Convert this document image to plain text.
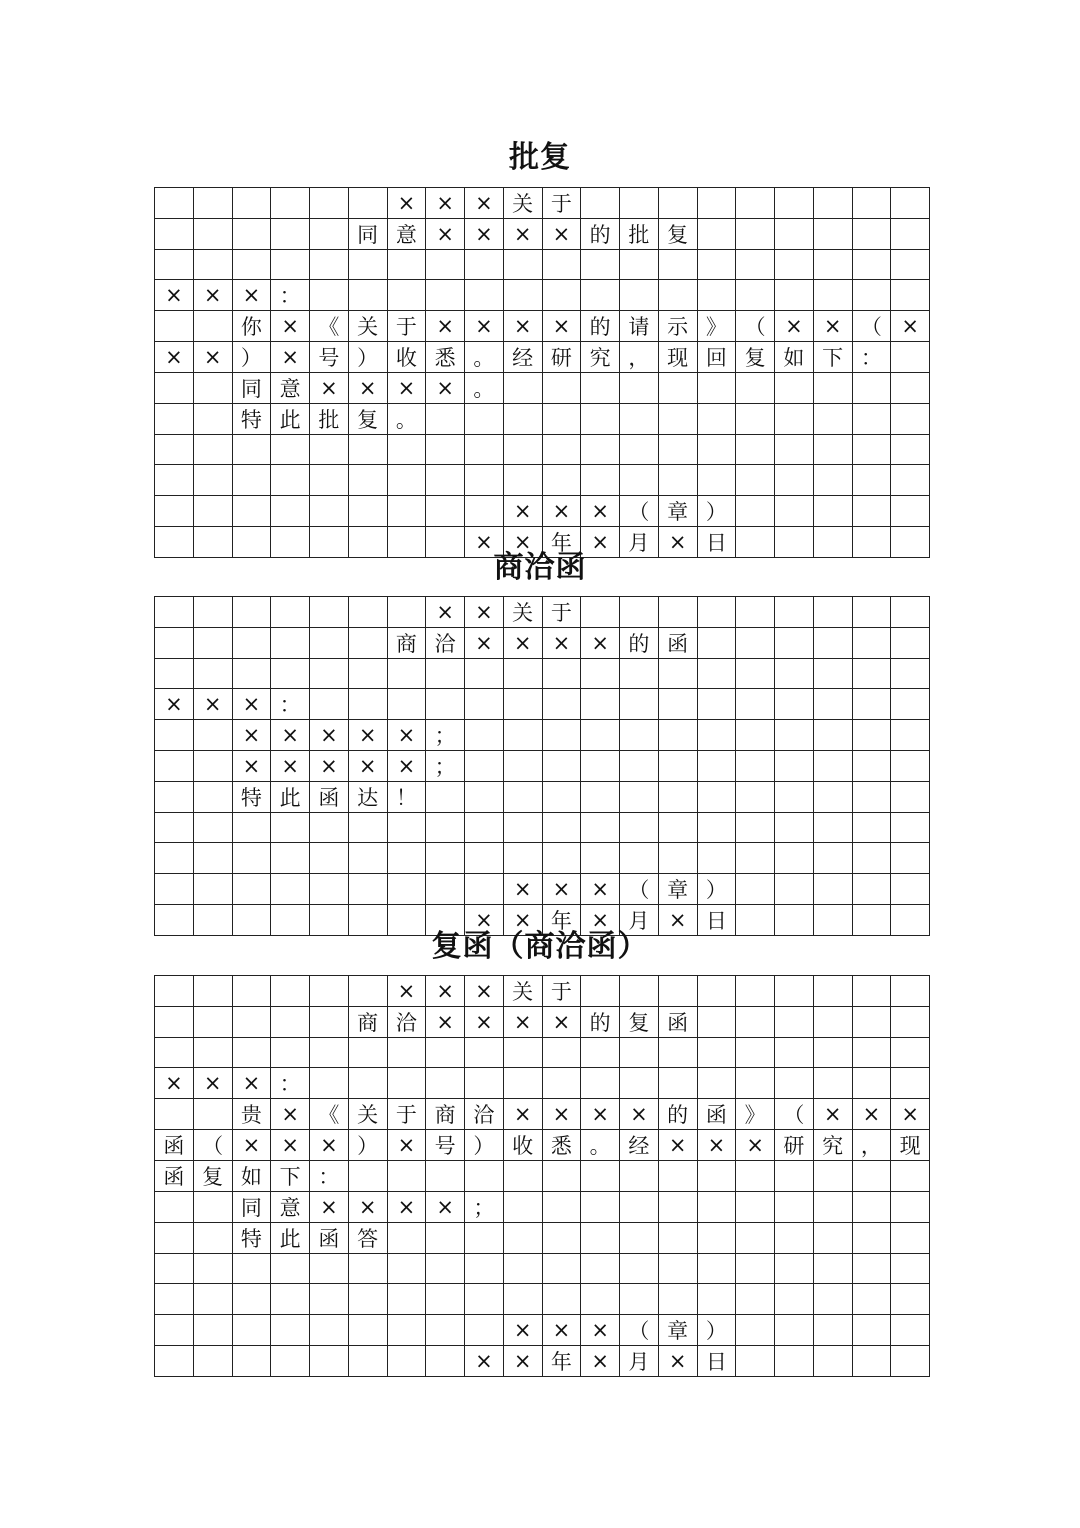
批复
						×	×	×	关	于									
					同	意	×	×	×	×	的	批	复						

×	×	×	：																
		你	×	《	关	于	×	×	×	×	的	请	示	》	（	×	×	（	×
×	×	）	×	号	）	收	悉	。	经	研	究	，	现	回	复	如	下	：	
		同	意	×	×	×	×	。											
		特	此	批	复	。													

									×	×	×	（	章	）					
								×	×	年	×	月	×	日					
商洽函
							×	×	关	于									
						商	洽	×	×	×	×	的	函						

×	×	×	：																
		×	×	×	×	×	；												
		×	×	×	×	×	；												
		特	此	函	达	！													

									×	×	×	（	章	）					
								×	×	年	×	月	×	日					
复函（商洽函）
						×	×	×	关	于									
					商	洽	×	×	×	×	的	复	函						

×	×	×	：																
		贵	×	《	关	于	商	洽	×	×	×	×	的	函	》	（	×	×	×
函	（	×	×	×	）	×	号	）	收	悉	。	经	×	×	×	研	究	，	现
函	复	如	下	：															
		同	意	×	×	×	×	；											
		特	此	函	答														

									×	×	×	（	章	）					
								×	×	年	×	月	×	日					
